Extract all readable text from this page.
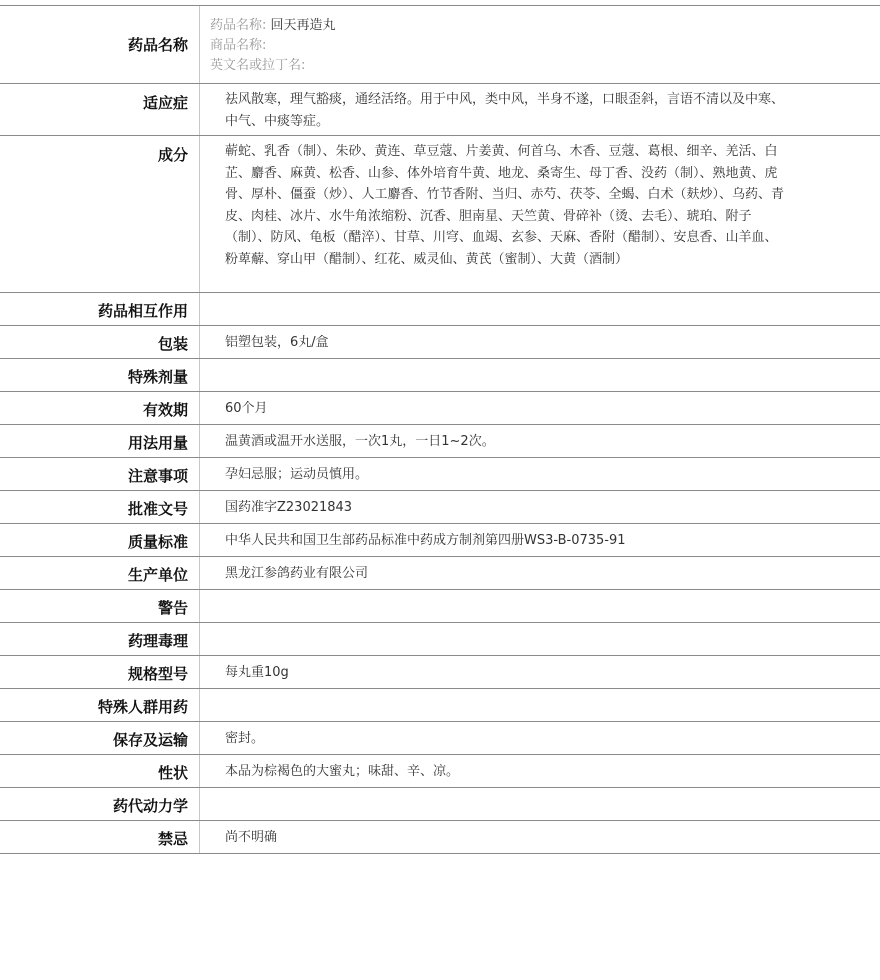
药品名称
药品名称: 回天再造丸
商品名称:
英文名或拉丁名:
适应症	祛风散寒，理气豁痰，通经活络。用于中风，类中风，半身不遂，口眼歪斜，言语不清以及中寒、中气、中痰等症。
成分	蕲蛇、乳香（制）、朱砂、黄连、草豆蔻、片姜黄、何首乌、木香、豆蔻、葛根、细辛、羌活、白芷、麝香、麻黄、松香、山参、体外培育牛黄、地龙、桑寄生、母丁香、没药（制）、熟地黄、虎骨、厚朴、僵蚕（炒）、人工麝香、竹节香附、当归、赤芍、茯苓、全蝎、白术（麸炒）、乌药、青皮、肉桂、冰片、水牛角浓缩粉、沉香、胆南星、天竺黄、骨碎补（烫、去毛）、琥珀、附子（制）、防风、龟板（醋淬）、甘草、川穹、血竭、玄参、天麻、香附（醋制）、安息香、山羊血、粉萆薢、穿山甲（醋制）、红花、威灵仙、黄芪（蜜制）、大黄（酒制）
药品相互作用
包装	铝塑包装，6丸/盒
特殊剂量
有效期	60个月
用法用量	温黄酒或温开水送服，一次1丸，一日1~2次。
注意事项	孕妇忌服；运动员慎用。
批准文号	国药准字Z23021843
质量标准	中华人民共和国卫生部药品标准中药成方制剂第四册WS3-B-0735-91
生产单位	黑龙江参鸽药业有限公司
警告
药理毒理
规格型号	每丸重10g
特殊人群用药
保存及运输	密封。
性状	本品为棕褐色的大蜜丸；味甜、辛、凉。
药代动力学
禁忌	尚不明确
